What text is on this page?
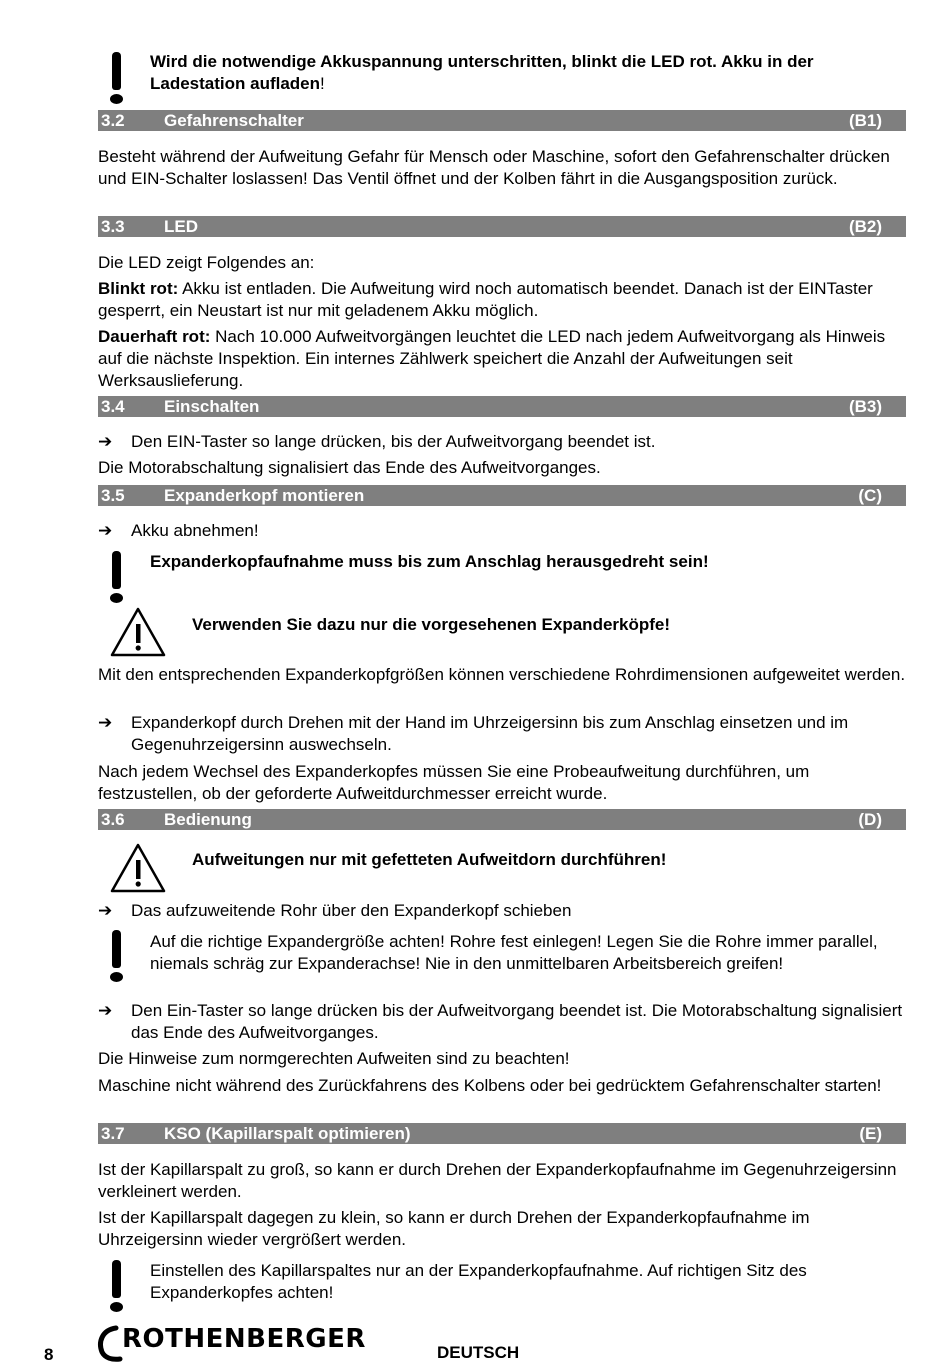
Wird die notwendige Akkuspannung unterschritten, blinkt die LED rot. Akku in der Ladestation aufladen!

3.2 Gefahrenschalter	(B1)

Besteht während der Aufweitung Gefahr für Mensch oder Maschine, sofort den Gefahrenschalter drücken und EIN-Schalter loslassen! Das Ventil öffnet und der Kolben fährt in die Ausgangsposition zurück.

3.3 LED	(B2)

Die LED zeigt Folgendes an:

Blinkt rot: Akku ist entladen. Die Aufweitung wird noch automatisch beendet. Danach ist der EINTaster gesperrt, ein Neustart ist nur mit geladenem Akku möglich.

Dauerhaft rot: Nach 10.000 Aufweitvorgängen leuchtet die LED nach jedem Aufweitvorgang als Hinweis auf die nächste Inspektion. Ein internes Zählwerk speichert die Anzahl der Aufweitungen seit Werksauslieferung.

3.4 Einschalten	(B3)
➔ Den EIN-Taster so lange drücken, bis der Aufweitvorgang beendet ist.

Die Motorabschaltung signalisiert das Ende des Aufweitvorganges.

3.5 Expanderkopf montieren	(C)
➔ Akku abnehmen!

Expanderkopfaufnahme muss bis zum Anschlag herausgedreht sein!

Verwenden Sie dazu nur die vorgesehenen Expanderköpfe!

Mit den entsprechenden Expanderkopfgrößen können verschiedene Rohrdimensionen aufgeweitet werden.

➔ Expanderkopf durch Drehen mit der Hand im Uhrzeigersinn bis zum Anschlag einsetzen und im Gegenuhrzeigersinn auswechseln.

Nach jedem Wechsel des Expanderkopfes müssen Sie eine Probeaufweitung durchführen, um festzustellen, ob der geforderte Aufweitdurchmesser erreicht wurde.

3.6 Bedienung	(D)

Aufweitungen nur mit gefetteten Aufweitdorn durchführen!

➔ Das aufzuweitende Rohr über den Expanderkopf schieben

Auf die richtige Expandergröße achten! Rohre fest einlegen! Legen Sie die Rohre immer parallel, niemals schräg zur Expanderachse! Nie in den unmittelbaren Arbeitsbereich greifen!

➔ Den Ein-Taster so lange drücken bis der Aufweitvorgang beendet ist. Die Motorabschaltung signalisiert das Ende des Aufweitvorganges.

Die Hinweise zum normgerechten Aufweiten sind zu beachten!

Maschine nicht während des Zurückfahrens des Kolbens oder bei gedrücktem Gefahrenschalter starten!

3.7 KSO (Kapillarspalt optimieren)	(E)

Ist der Kapillarspalt zu groß, so kann er durch Drehen der Expanderkopfaufnahme im Gegenuhrzeigersinn verkleinert werden.

Ist der Kapillarspalt dagegen zu klein, so kann er durch Drehen der Expanderkopfaufnahme im Uhrzeigersinn wieder vergrößert werden.

Einstellen des Kapillarspaltes nur an der Expanderkopfaufnahme. Auf richtigen Sitz des Expanderkopfes achten!

8
ROTHENBERGER	DEUTSCH
